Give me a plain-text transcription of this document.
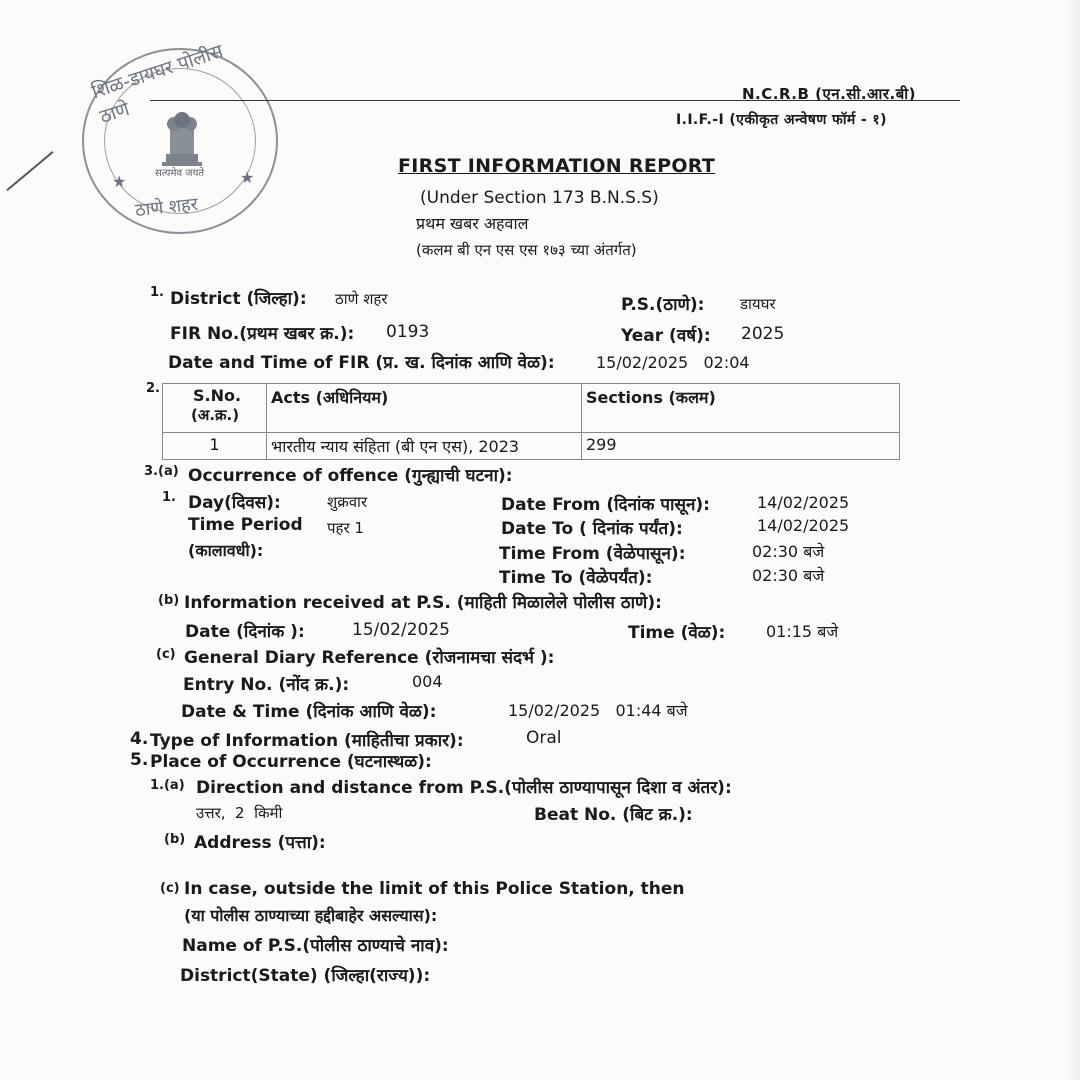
शिळ-डायघर पोलीस ठाणे
सत्यमेव जयते
ठाणे शहर
★	★
N.C.R.B (एन.सी.आर.बी)
I.I.F.-I (एकीकृत अन्वेषण फॉर्म - १)
FIRST INFORMATION REPORT
(Under Section 173 B.N.S.S)
प्रथम खबर अहवाल
(कलम बी एन एस एस १७३ च्या अंतर्गत)
1. District (जिल्हा): ठाणे शहर	P.S.(ठाणे): डायघर
FIR No.(प्रथम खबर क्र.): 0193	Year (वर्ष): 2025
Date and Time of FIR (प्र. ख. दिनांक आणि वेळ):	15/02/2025   02:04
2. S.No.
(अ.क्र.)	Acts (अधिनियम)	Sections (कलम)
1	भारतीय न्याय संहिता (बी एन एस), 2023	299
3. (a) Occurrence of offence (गुन्ह्याची घटना):
1. Day(दिवस):	शुक्रवार	Date From (दिनांक पासून):	14/02/2025
Time Period पहर 1	Date To ( दिनांक पर्यंत):	14/02/2025
(कालावधी):	Time From (वेळेपासून):	02:30 बजे
Time To (वेळेपर्यंत):	02:30 बजे
(b) Information received at P.S. (माहिती मिळालेले पोलीस ठाणे):
Date (दिनांक ):	15/02/2025	Time (वेळ):	01:15 बजे
(c) General Diary Reference (रोजनामचा संदर्भ ):
Entry No. (नोंद क्र.):	004
Date & Time (दिनांक आणि वेळ):	15/02/2025   01:44 बजे
4. Type of Information (माहितीचा प्रकार):	Oral
5. Place of Occurrence (घटनास्थळ):
1.(a) Direction and distance from P.S.(पोलीस ठाण्यापासून दिशा व अंतर):
उत्तर,  2  किमी	Beat No. (बिट क्र.):
(b) Address (पत्ता):
(c) In case, outside the limit of this Police Station, then
(या पोलीस ठाण्याच्या हद्दीबाहेर असल्यास):
Name of P.S.(पोलीस ठाण्याचे नाव):
District(State) (जिल्हा(राज्य)):
